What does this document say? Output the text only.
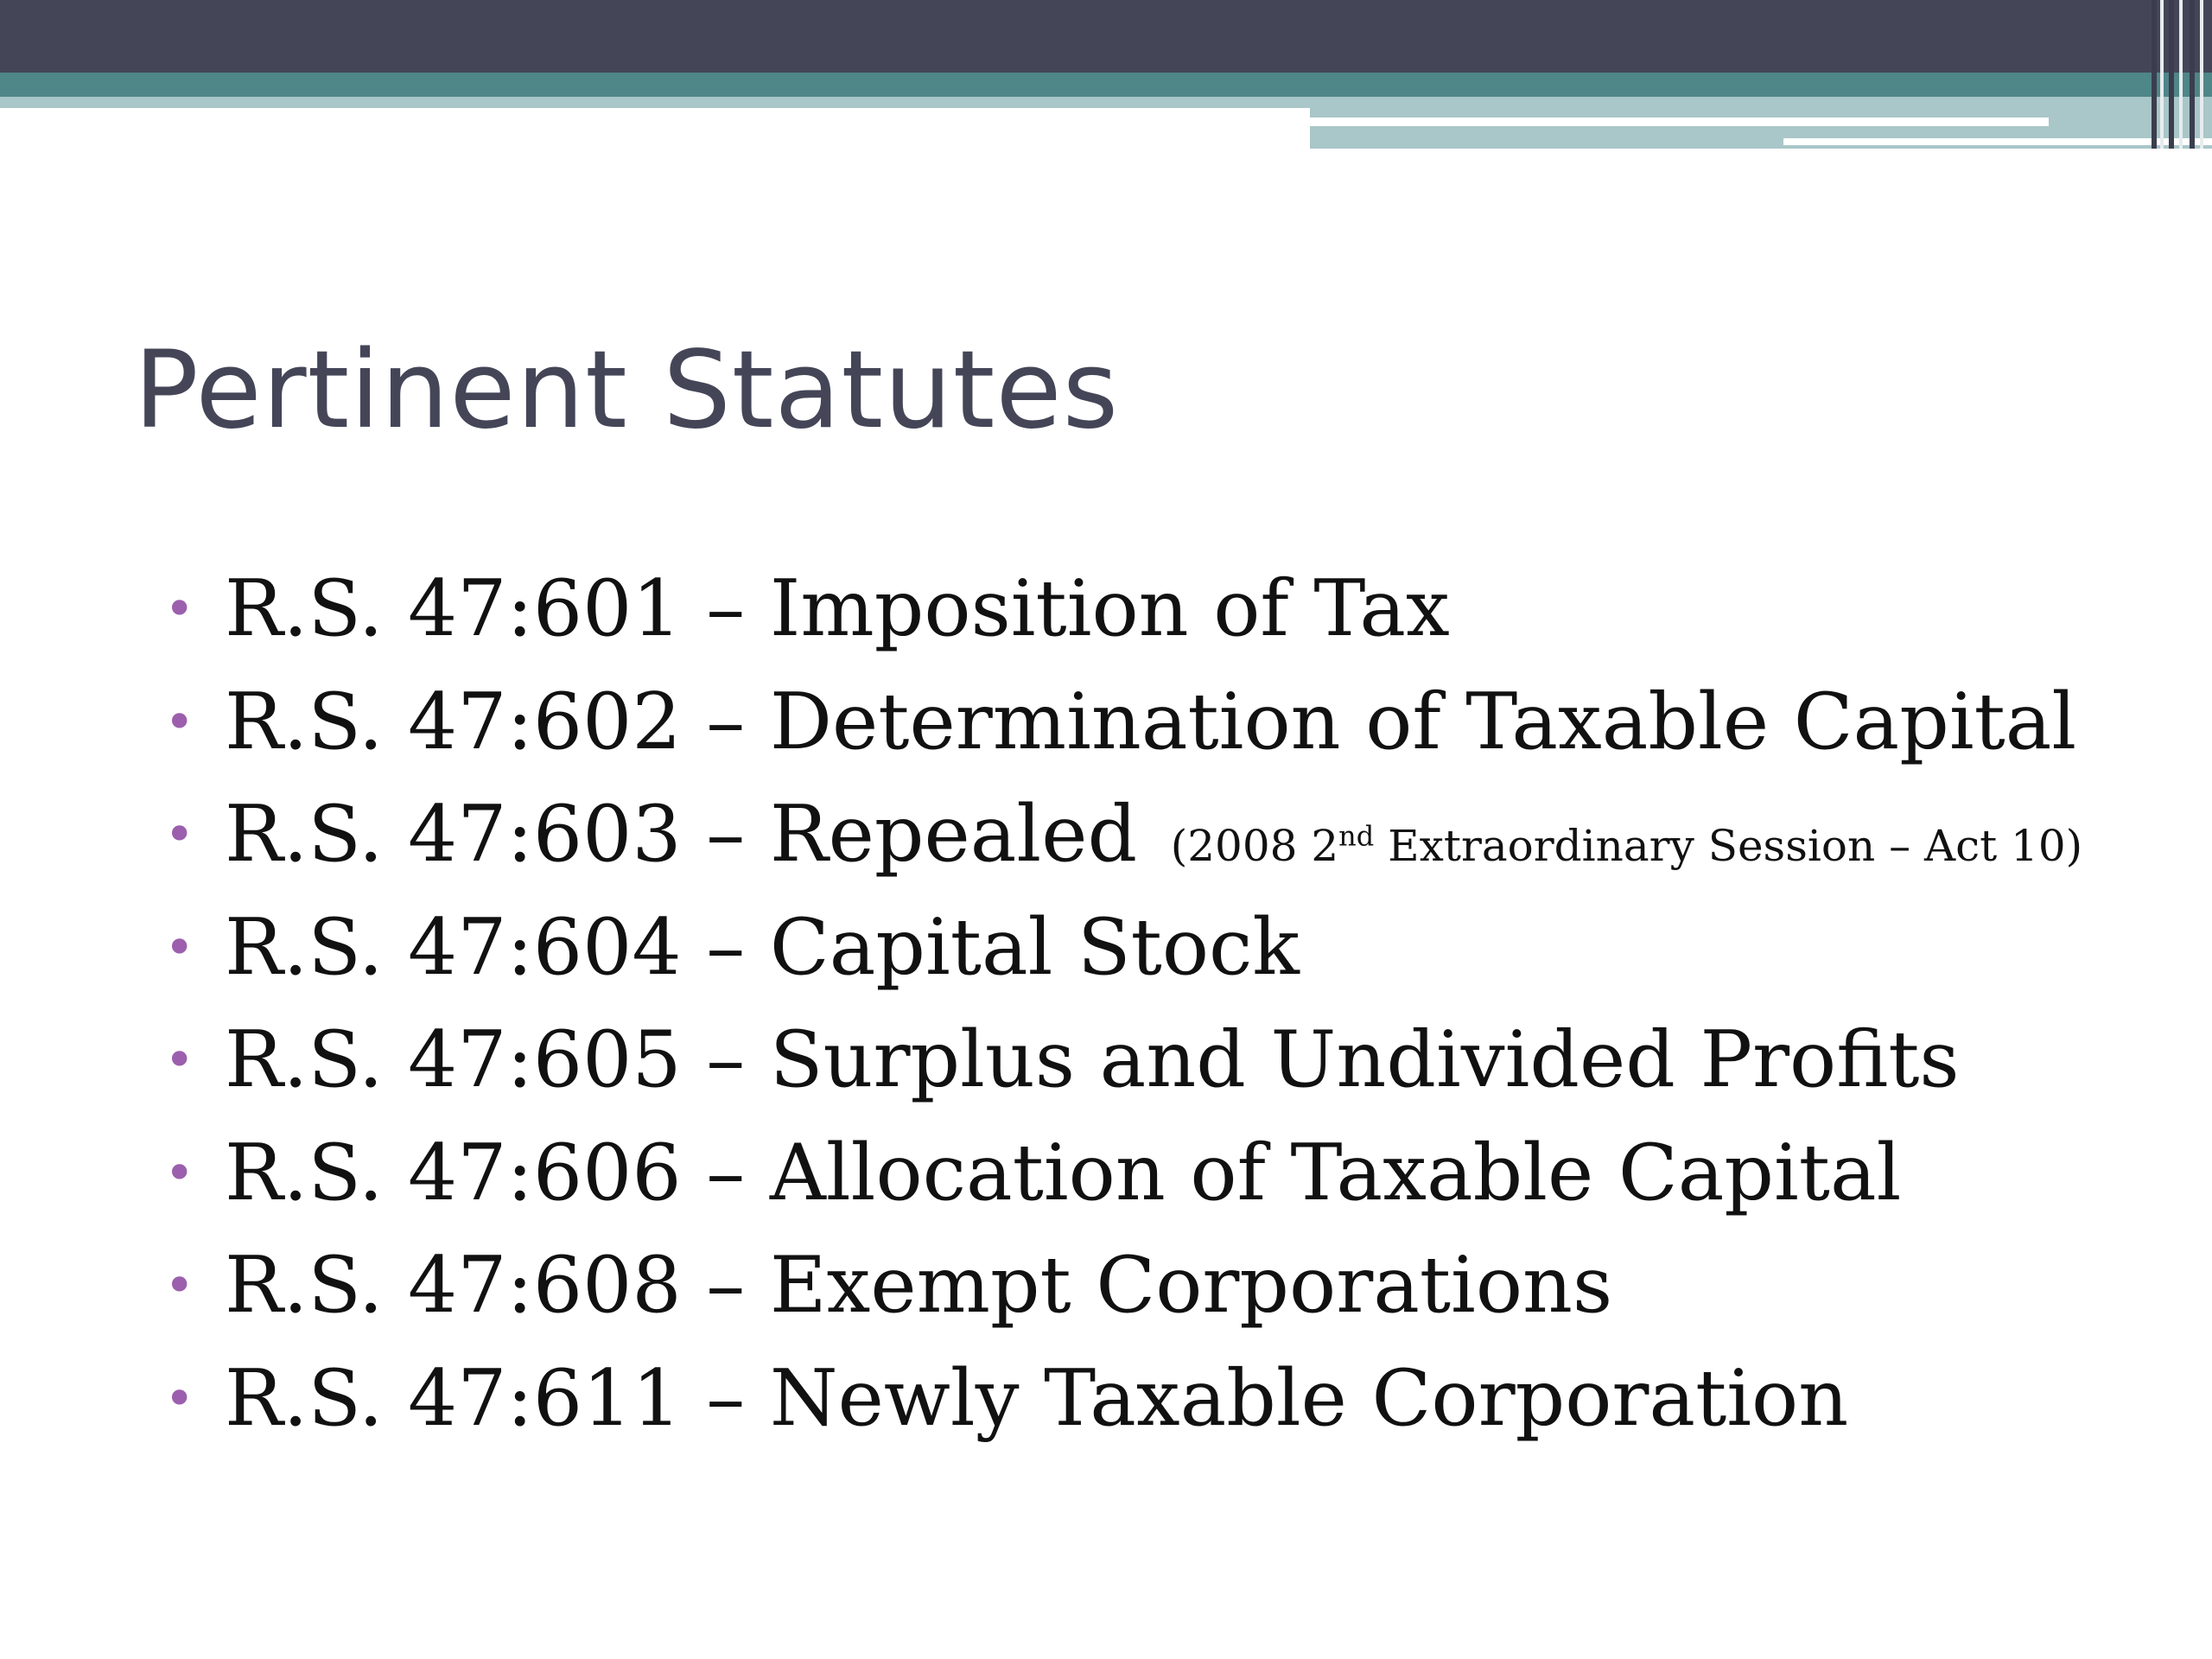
Pertinent Statutes
• R.S. 47:601 – Imposition of Tax
• R.S. 47:602 – Determination of Taxable Capital
• R.S. 47:603 – Repealed (2008 2nd Extraordinary Session – Act 10)
• R.S. 47:604 – Capital Stock
• R.S. 47:605 – Surplus and Undivided Profits
• R.S. 47:606 – Allocation of Taxable Capital
• R.S. 47:608 – Exempt Corporations
• R.S. 47:611 – Newly Taxable Corporation
